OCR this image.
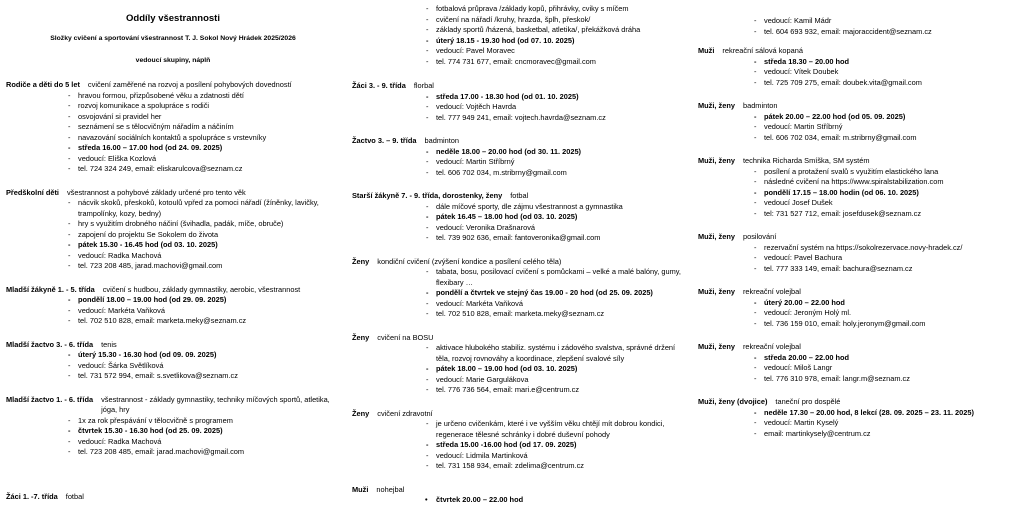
Oddíly všestrannosti
Složky cvičení a sportování všestrannost T. J. Sokol Nový Hrádek 2025/2026
vedoucí skupiny, náplň
Rodiče a děti do 5 let	cvičení zaměřené na rozvoj a posílení pohybových dovedností
- hravou formou, přizpůsobené věku a zdatnosti dětí
- rozvoj komunikace a spolupráce s rodiči
- osvojování si pravidel her
- seznámení se s tělocvičným nářadím a náčiním
- navazování sociálních kontaktů a spolupráce s vrstevníky
- středa 16.00 – 17.00 hod (od 24. 09. 2025)
- vedoucí: Eliška Kozlová
- tel. 724 324 249, email: eliskarulcova@seznam.cz
Předškolní děti	všestrannost a pohybové základy určené pro tento věk
- nácvik skoků, přeskoků, kotoulů vpřed za pomoci nářadí (žíněnky, lavičky, trampolínky, kozy, bedny)
- hry s využitím drobného náčiní (švihadla, padák, míče, obruče)
- zapojení do projektu Se Sokolem do života
- pátek 15.30 - 16.45 hod (od 03. 10. 2025)
- vedoucí: Radka Machová
- tel. 723 208 485, jarad.machovi@gmail.com
Mladší žákyně 1. - 5. třída	cvičení s hudbou, základy gymnastiky, aerobic, všestrannost
- pondělí 18.00 – 19.00 hod (od 29. 09. 2025)
- vedoucí: Markéta Vaňková
- tel. 702 510 828, email: marketa.meky@seznam.cz
Mladší žactvo 3. - 6. třída	tenis
- úterý 15.30 - 16.30 hod (od 09. 09. 2025)
- vedoucí: Šárka Světlíková
- tel. 731 572 994, email: s.svetlikova@seznam.cz
Mladší žactvo 1. - 6. třída	všestrannost - základy gymnastiky, techniky míčových sportů, atletika, jóga, hry
- 1x za rok přespávání v tělocvičně s programem
- čtvrtek 15.30 - 16.30 hod (od 25. 09. 2025)
- vedoucí: Radka Machová
- tel. 723 208 485, email: jarad.machovi@gmail.com
Žáci 1. -7. třída	fotbal
- fotbalová průprava /základy kopů, přihrávky, cviky s míčem
- cvičení na nářadí /kruhy, hrazda, šplh, přeskok/
- základy sportů /házená, basketbal, atletika/, překážková dráha
- úterý 18.15 - 19.30 hod (od 07. 10. 2025)
- vedoucí: Pavel Moravec
- tel. 774 731 677, email: cncmoravec@gmail.com
Žáci 3. - 9. třída	florbal
- středa 17.00 - 18.30 hod (od 01. 10. 2025)
- vedoucí: Vojtěch Havrda
- tel. 777 949 241, email: vojtech.havrda@seznam.cz
Žactvo 3. – 9. třída	badminton
- neděle 18.00 – 20.00 hod (od 30. 11. 2025)
- vedoucí: Martin Stříbrný
- tel. 606 702 034, m.stribrny@gmail.com
Starší žákyně 7. - 9. třída, dorostenky, ženy	fotbal
- dále míčové sporty, dle zájmu všestrannost a gymnastika
- pátek 16.45 – 18.00 hod (od 03. 10. 2025)
- vedoucí: Veronika Drašnarová
- tel. 739 902 636, email: fantoveronika@gmail.com
Ženy	kondiční cvičení (zvýšení kondice a posílení celého těla)
- tabata, bosu, posilovací cvičení s pomůckami – velké a malé balóny, gumy, flexibary …
- pondělí a čtvrtek ve stejný čas 19.00 - 20 hod (od 25. 09. 2025)
- vedoucí: Markéta Vaňková
- tel. 702 510 828, email: marketa.meky@seznam.cz
Ženy	cvičení na BOSU
- aktivace hlubokého stabiliz. systému i zádového svalstva, správné držení těla, rozvoj rovnováhy a koordinace, zlepšení svalové síly
- pátek 18.00 – 19.00 hod (od 03. 10. 2025)
- vedoucí: Marie Gargulákova
- tel. 776 736 564, email: mari.e@centrum.cz
Ženy	cvičení zdravotní
- je určeno cvičenkám, které i ve vyšším věku chtějí mít dobrou kondici, regenerace tělesné schránky i dobré duševní pohody
- středa 15.00 -16.00 hod (od 17. 09. 2025)
- vedoucí: Lidmila Martinková
- tel. 731 158 934, email: zdelima@centrum.cz
Muži	nohejbal
• čtvrtek 20.00 – 22.00 hod
- vedoucí: Kamil Mádr
- tel. 604 693 932, email: majoraccident@seznam.cz
Muži	rekreační sálová kopaná
- středa 18.30 – 20.00 hod
- vedoucí: Vítek Doubek
- tel. 725 709 275, email: doubek.vita@gmail.com
Muži, ženy	badminton
- pátek 20.00 – 22.00 hod (od 05. 09. 2025)
- vedoucí: Martin Stříbrný
- tel. 606 702 034, email: m.stribrny@gmail.com
Muži, ženy	technika Richarda Smíška, SM systém
- posílení a protažení svalů s využitím elastického lana
- následné cvičení na https://www.spiralstabilization.com
- pondělí 17.15 – 18.00 hodin (od 06. 10. 2025)
- vedoucí Josef Dušek
- tel: 731 527 712, email: josefdusek@seznam.cz
Muži, ženy	posilování
- rezervační systém na https://sokolrezervace.novy-hradek.cz/
- vedoucí: Pavel Bachura
- tel. 777 333 149, email: bachura@seznam.cz
Muži, ženy	rekreační volejbal
- úterý 20.00 – 22.00 hod
- vedoucí: Jeroným Holý ml.
- tel. 736 159 010, email: holy.jeronym@gmail.com
Muži, ženy	rekreační volejbal
- středa 20.00 – 22.00 hod
- vedoucí: Miloš Langr
- tel. 776 310 978, email: langr.m@seznam.cz
Muži, ženy (dvojice)	taneční pro dospělé
- neděle 17.30 – 20.00 hod, 8 lekcí (28. 09. 2025 – 23. 11. 2025)
- vedoucí: Martin Kyselý
- email: martinkysely@centrum.cz
